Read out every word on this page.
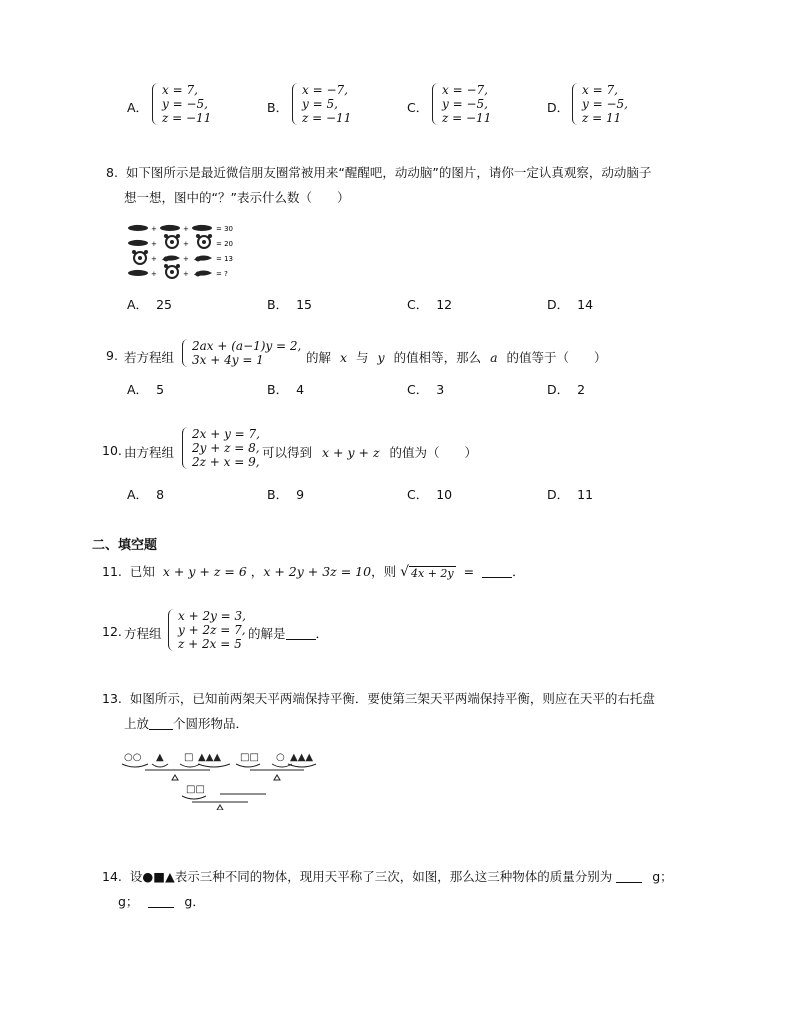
A．
x = 7,
y = −5,
z = −11
B．
x = −7,
y = 5,
z = −11
C．
x = −7,
y = −5,
z = −11
D．
x = 7,
y = −5,
z = 11
8. 如下图所示是最近微信朋友圈常被用来“醒醒吧，动动脑”的图片，请你一定认真观察，动动脑子
想一想，图中的“？”表示什么数（　　）
+	+	= 30
+	+	= 20
+	+	= 13
+	+	= ?
A． 25	B． 15	C． 12	D． 14
9. 若方程组
2ax + (a−1)y = 2,
3x + 4y = 1	的解 x 与 y 的值相等，那么 a 的值等于（　　）
A． 5	B． 4	C． 3	D． 2
10. 由方程组
2x + y = 7,
2y + z = 8,
2z + x = 9,
可以得到 x + y + z 的值为（　　）
A． 8	B． 9	C． 10	D． 11
二、填空题
11. 已知 x + y + z = 6 ，x + 2y + 3z = 10，则 √ 4x + 2y =	．
12. 方程组
x + 2y = 3,
y + 2z = 7,
z + 2x = 5
的解是 ．
13. 如图所示，已知前两架天平两端保持平衡．要使第三架天平两端保持平衡，则应在天平的右托盘
上放 个圆形物品．
○○ ▲ □ ▲▲▲ □□ ○ ▲▲▲
□□
14. 设●■▲表示三种不同的物体，现用天平称了三次，如图，那么这三种物体的质量分别为	g；
g；	g．
